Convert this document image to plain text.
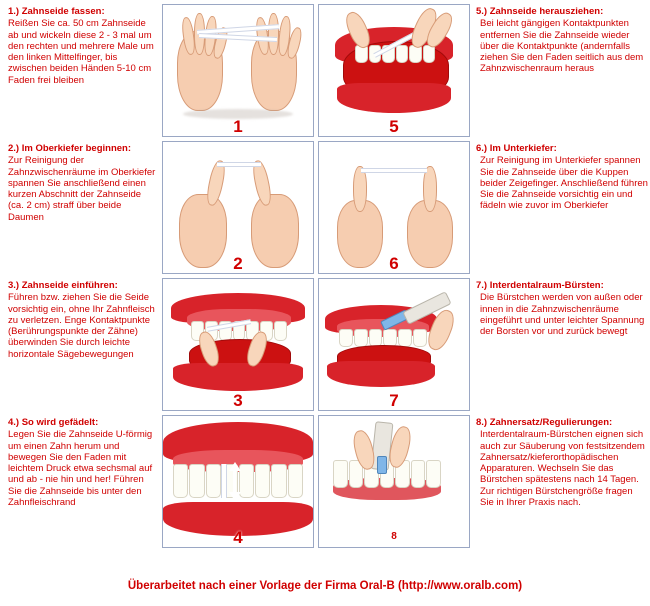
1.) Zahnseide fassen:
Reißen Sie ca. 50 cm Zahnseide ab und wickeln diese 2 - 3 mal um den rechten und mehrere Male um den linken Mittelfinger, bis zwischen beiden Händen 5-10 cm Faden frei bleiben
1	5
5.) Zahnseide herausziehen:
Bei leicht gängigen Kontaktpunkten entfernen Sie die Zahnseide wieder über die Kontaktpunkte (andernfalls ziehen Sie den Faden seitlich aus dem Zahnzwischenraum heraus
2.) Im Oberkiefer beginnen:
Zur Reinigung der Zahnzwischenräume im Oberkiefer spannen Sie anschließend einen kurzen Abschnitt der Zahnseide (ca. 2 cm) straff über beide Daumen
2	6
6.) Im Unterkiefer:
Zur Reinigung im Unterkiefer spannen Sie die Zahnseide über die Kuppen beider Zeigefinger. Anschließend führen Sie die Zahnseide vorsichtig ein und fädeln wie zuvor im Oberkiefer
3.) Zahnseide einführen:
Führen bzw. ziehen Sie die Seide vorsichtig ein, ohne Ihr Zahnfleisch zu verletzen. Enge Kontaktpunkte (Berührungspunkte der Zähne) überwinden Sie durch leichte horizontale Sägebewegungen
3	7
7.) Interdentalraum-Bürsten:
Die Bürstchen werden von außen oder innen in die Zahnzwischenräume eingeführt und unter leichter Spannung der Borsten vor und zurück bewegt
4.) So wird gefädelt:
Legen Sie die Zahnseide U-förmig um einen Zahn herum und bewegen Sie den Faden mit leichtem Druck etwa sechsmal auf und ab - nie hin und her! Führen Sie die Zahnseide bis unter den Zahnfleischrand
4	8
8.) Zahnersatz/Regulierungen:
Interdentalraum-Bürstchen eignen sich auch zur Säuberung von festsitzendem Zahnersatz/kieferorthopädischen Apparaturen. Wechseln Sie das Bürstchen spätestens nach 14 Tagen. Zur richtigen Bürstchengröße fragen Sie in Ihrer Praxis nach.
Überarbeitet nach einer Vorlage der Firma Oral-B (http://www.oralb.com)
